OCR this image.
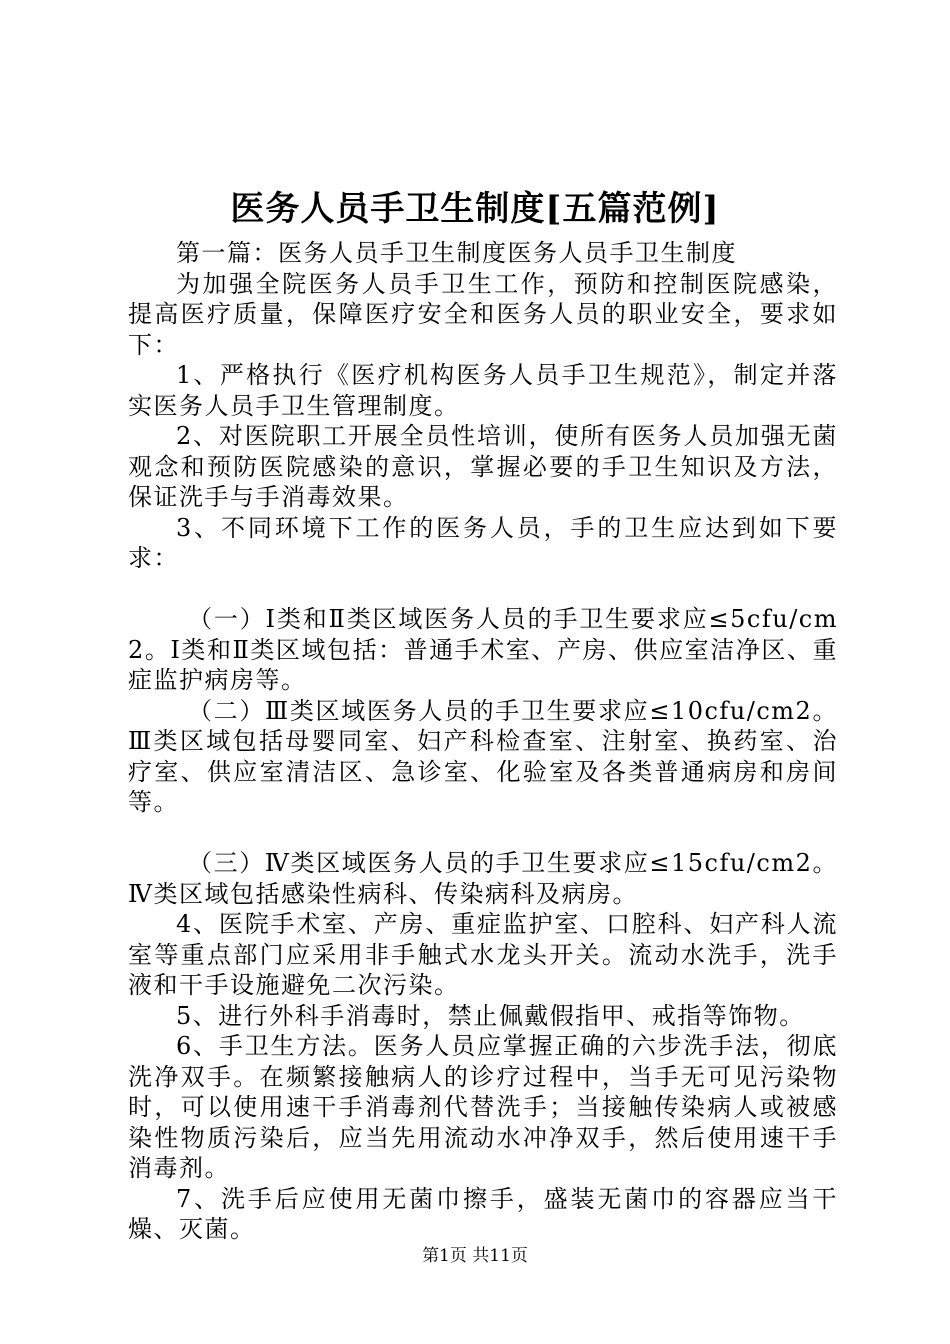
医务人员手卫生制度[五篇范例]

第一篇：医务人员手卫生制度医务人员手卫生制度

为加强全院医务人员手卫生工作，预防和控制医院感染，提高医疗质量，保障医疗安全和医务人员的职业安全，要求如下：

1、严格执行《医疗机构医务人员手卫生规范》，制定并落实医务人员手卫生管理制度。

2、对医院职工开展全员性培训，使所有医务人员加强无菌观念和预防医院感染的意识，掌握必要的手卫生知识及方法，保证洗手与手消毒效果。

3、不同环境下工作的医务人员，手的卫生应达到如下要求：

（一）Ⅰ类和Ⅱ类区域医务人员的手卫生要求应≤5cfu/cm2。Ⅰ类和Ⅱ类区域包括：普通手术室、产房、供应室洁净区、重症监护病房等。

（二）Ⅲ类区域医务人员的手卫生要求应≤10cfu/cm2。Ⅲ类区域包括母婴同室、妇产科检查室、注射室、换药室、治疗室、供应室清洁区、急诊室、化验室及各类普通病房和房间等。

（三）Ⅳ类区域医务人员的手卫生要求应≤15cfu/cm2。Ⅳ类区域包括感染性病科、传染病科及病房。

4、医院手术室、产房、重症监护室、口腔科、妇产科人流室等重点部门应采用非手触式水龙头开关。流动水洗手，洗手液和干手设施避免二次污染。

5、进行外科手消毒时，禁止佩戴假指甲、戒指等饰物。

6、手卫生方法。医务人员应掌握正确的六步洗手法，彻底洗净双手。在频繁接触病人的诊疗过程中，当手无可见污染物时，可以使用速干手消毒剂代替洗手；当接触传染病人或被感染性物质污染后，应当先用流动水冲净双手，然后使用速干手消毒剂。

7、洗手后应使用无菌巾擦手，盛装无菌巾的容器应当干燥、灭菌。

第1页 共11页
